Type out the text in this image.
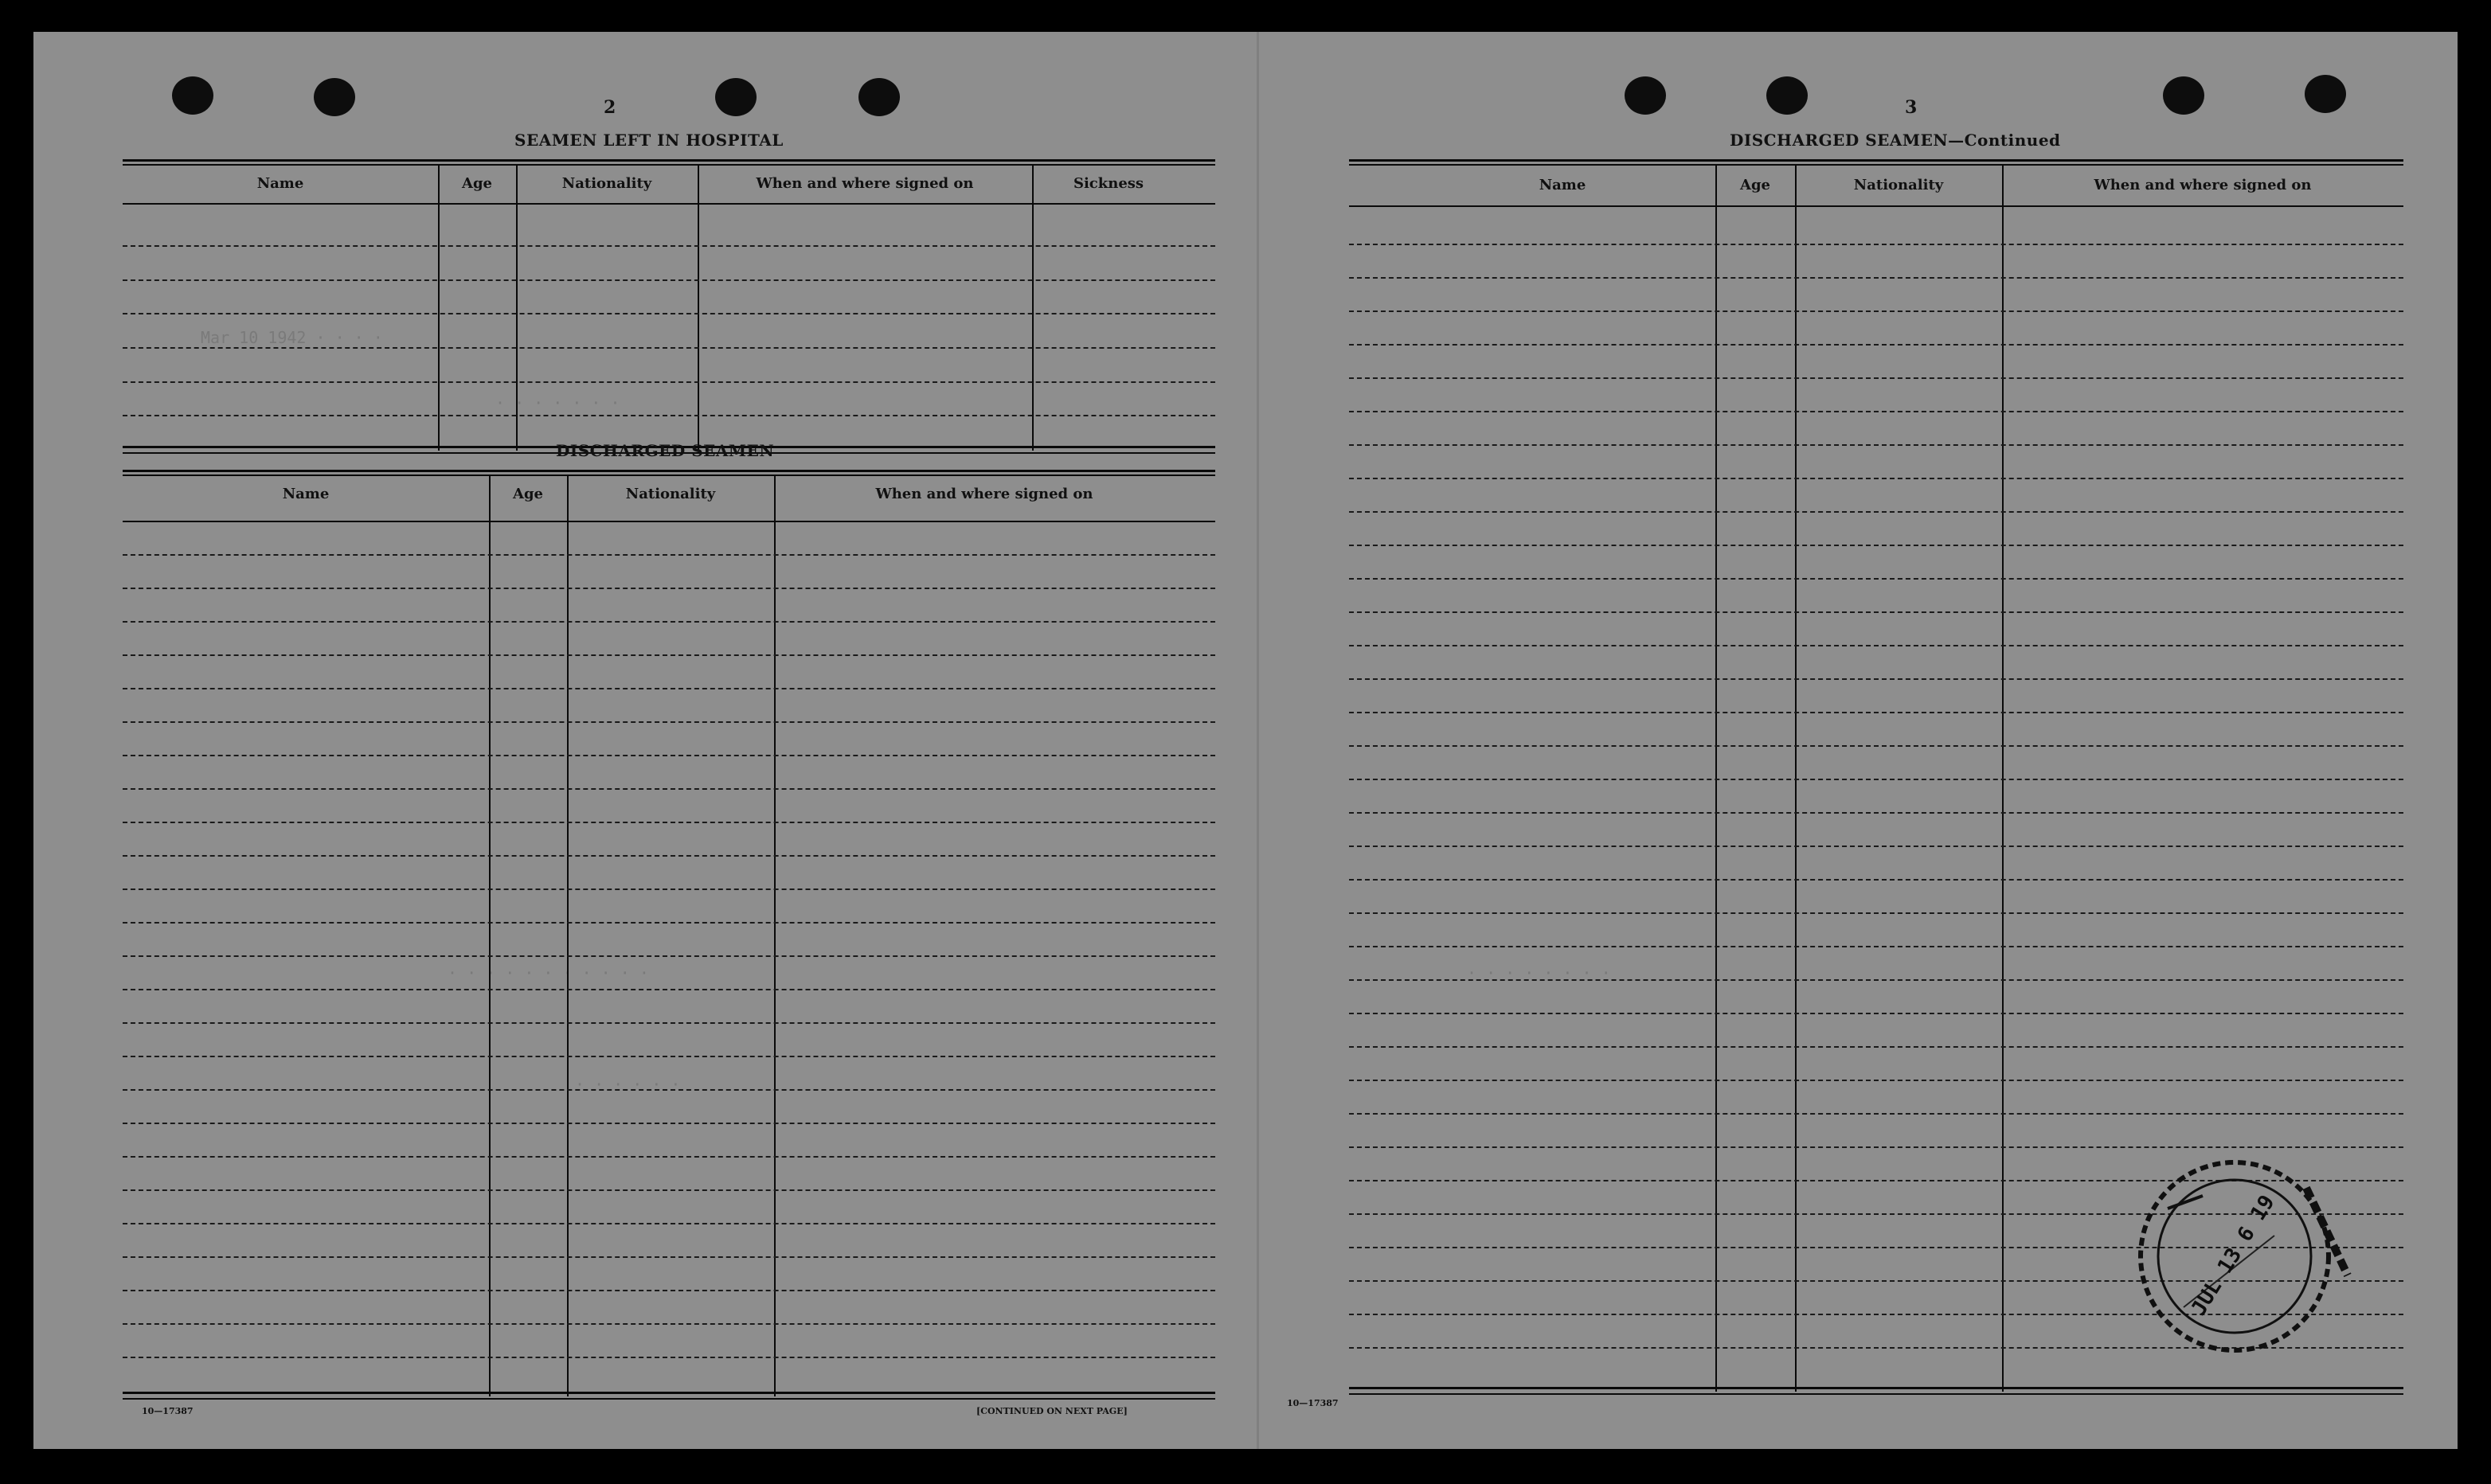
Mar 10 1942 · · · ·
· · · · · · ·
· · · · · · · · · · ·
· · · · · ·
2
SEAMEN LEFT IN HOSPITAL
Name	Age	Nationality	When and where signed on	Sickness
DISCHARGED SEAMEN
Name	Age	Nationality	When and where signed on
10—17387	[CONTINUED ON NEXT PAGE]
· · · · · · · ·
3
DISCHARGED SEAMEN—Continued
Name	Age	Nationality	When and where signed on
10—17387
JUL 13 6 19
